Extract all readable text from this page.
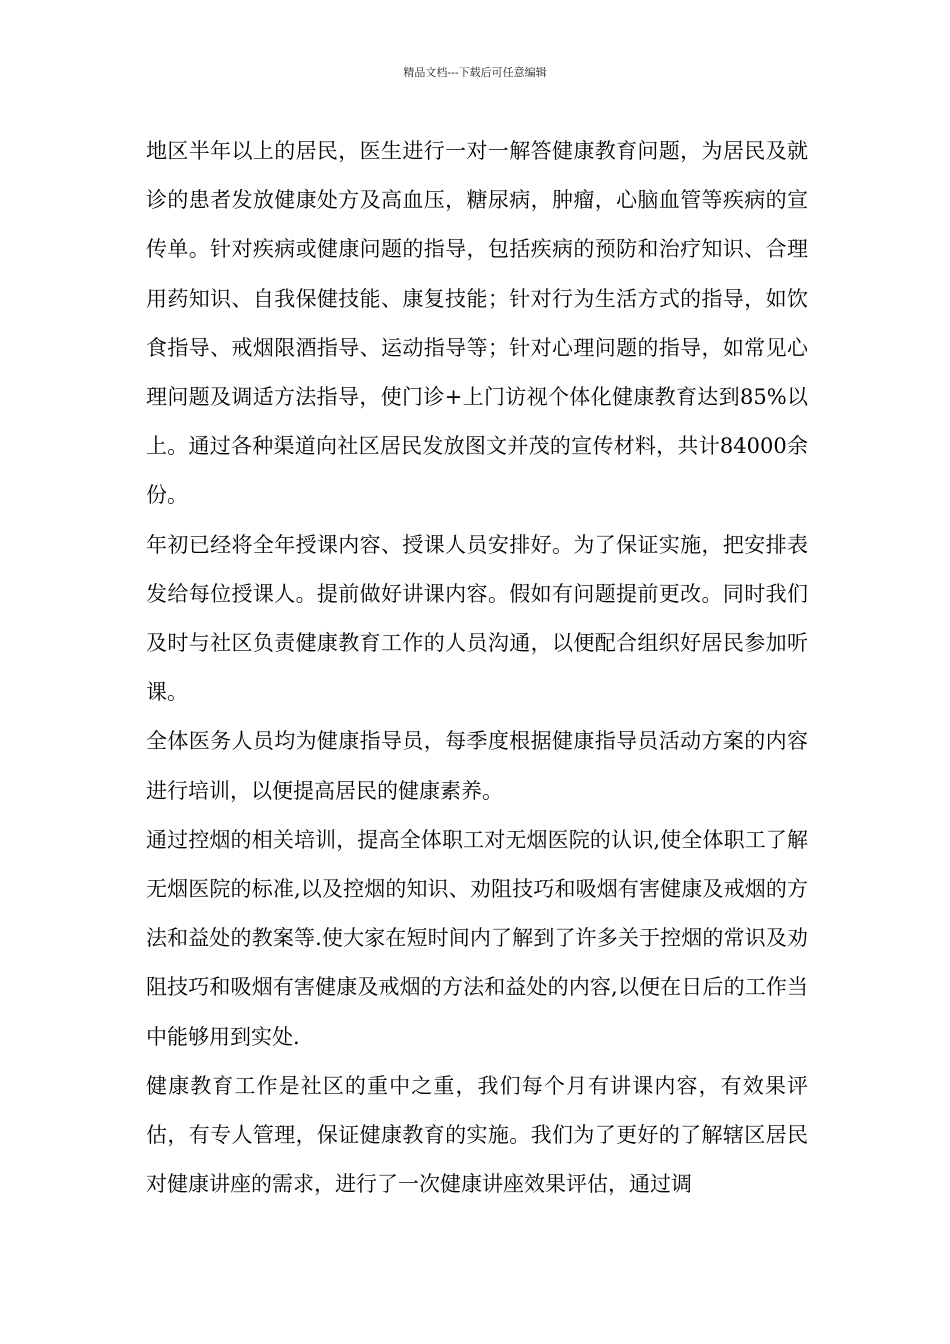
精品文档---下载后可任意编辑

地区半年以上的居民，医生进行一对一解答健康教育问题，为居民及就诊的患者发放健康处方及高血压，糖尿病，肿瘤，心脑血管等疾病的宣传单。针对疾病或健康问题的指导，包括疾病的预防和治疗知识、合理用药知识、自我保健技能、康复技能；针对行为生活方式的指导，如饮食指导、戒烟限酒指导、运动指导等；针对心理问题的指导，如常见心理问题及调适方法指导，使门诊+上门访视个体化健康教育达到85%以上。通过各种渠道向社区居民发放图文并茂的宣传材料，共计84000余份。

年初已经将全年授课内容、授课人员安排好。为了保证实施，把安排表发给每位授课人。提前做好讲课内容。假如有问题提前更改。同时我们及时与社区负责健康教育工作的人员沟通，以便配合组织好居民参加听课。

全体医务人员均为健康指导员，每季度根据健康指导员活动方案的内容进行培训，以便提高居民的健康素养。

通过控烟的相关培训，提高全体职工对无烟医院的认识,使全体职工了解无烟医院的标准,以及控烟的知识、劝阻技巧和吸烟有害健康及戒烟的方法和益处的教案等.使大家在短时间内了解到了许多关于控烟的常识及劝阻技巧和吸烟有害健康及戒烟的方法和益处的内容,以便在日后的工作当中能够用到实处.

健康教育工作是社区的重中之重，我们每个月有讲课内容，有效果评估，有专人管理，保证健康教育的实施。我们为了更好的了解辖区居民对健康讲座的需求，进行了一次健康讲座效果评估，通过调
